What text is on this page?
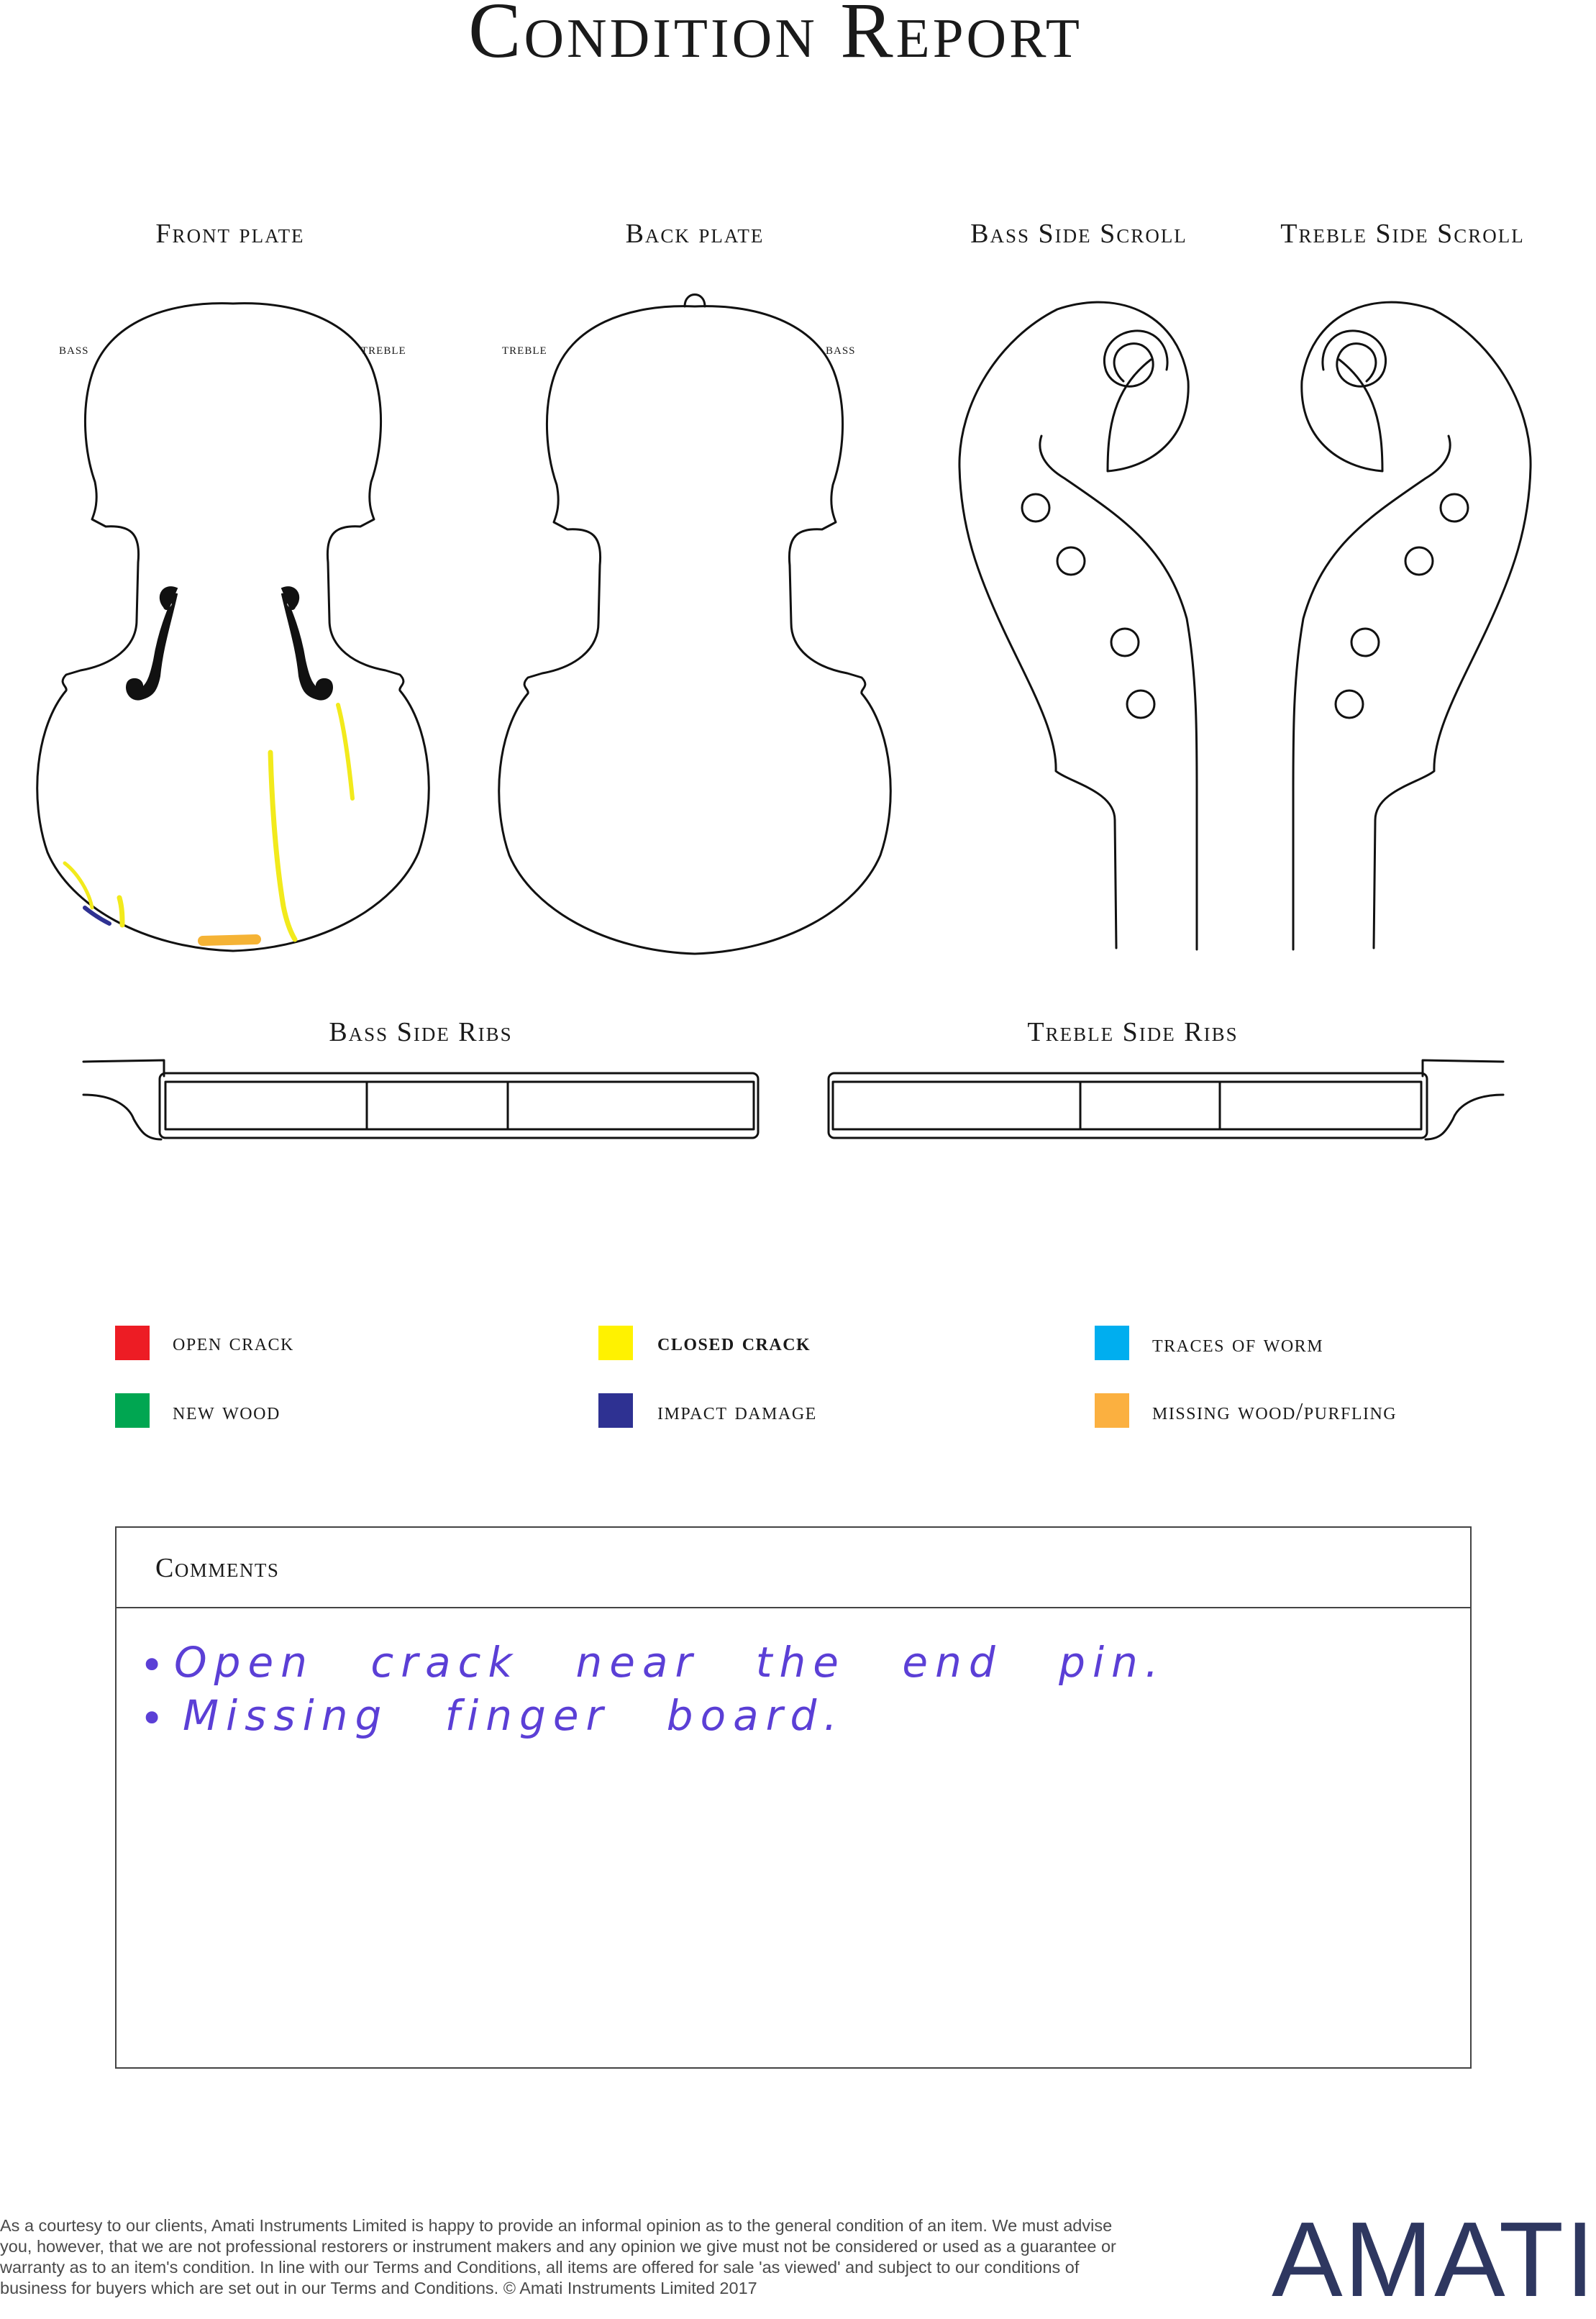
Condition Report
Front plate	Back plate	Bass Side Scroll	Treble Side Scroll
Bass Side Ribs	Treble Side Ribs
bass	treble	treble	bass
open crack	closed crack	traces of worm
new wood	impact damage	missing wood/purfling
Comments
• Open crack near the end pin.
• Missing finger board.
As a courtesy to our clients, Amati Instruments Limited is happy to provide an informal opinion as to the general condition of an item. We must advise you, however, that we are not professional restorers or instrument makers and any opinion we give must not be considered or used as a guarantee or warranty as to an item's condition. In line with our Terms and Conditions, all items are offered for sale 'as viewed' and subject to our conditions of business for buyers which are set out in our Terms and Conditions. © Amati Instruments Limited 2017	AMATI
